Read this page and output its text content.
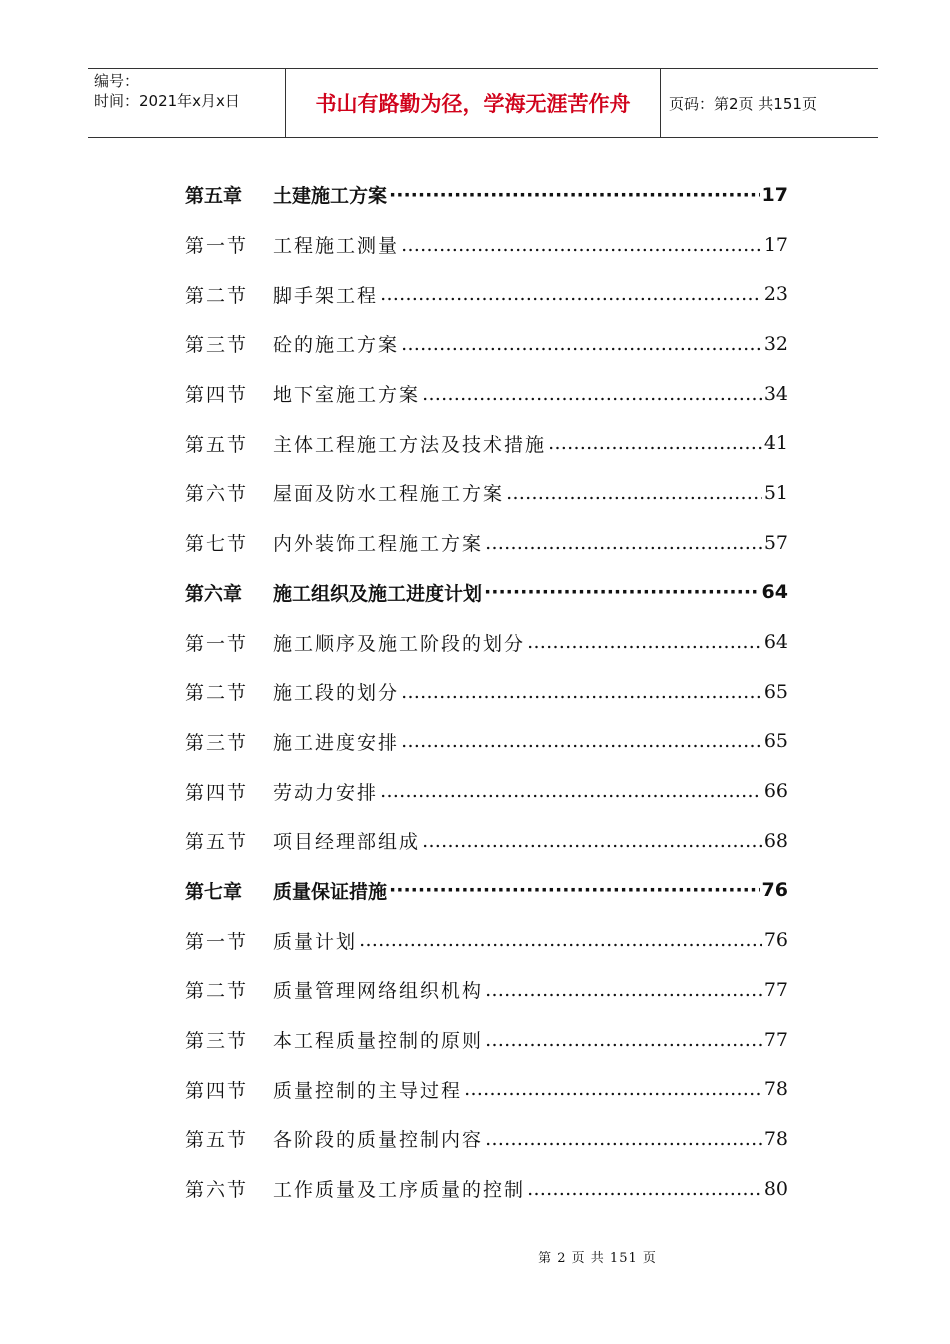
编号：
时间：2021年x月x日	书山有路勤为径，学海无涯苦作舟	页码：第2页 共151页
第五章	土建施工方案 ·····	17
第一节	工程施工测量 ………………………………………………………………………………………………………………	17
第二节	脚手架工程 ………………………………………………………………………………………………………………	23
第三节	砼的施工方案 ………………………………………………………………………………………………………………	32
第四节	地下室施工方案 ………………………………………………………………………………………………………………	34
第五节	主体工程施工方法及技术措施 ………………………………………………………………………………………………………………	41
第六节	屋面及防水工程施工方案 ………………………………………………………………………………………………………………	51
第七节	内外装饰工程施工方案 ………………………………………………………………………………………………………………	57
第六章	施工组织及施工进度计划 ·····	64
第一节	施工顺序及施工阶段的划分 ………………………………………………………………………………………………………………	64
第二节	施工段的划分 ………………………………………………………………………………………………………………	65
第三节	施工进度安排 ………………………………………………………………………………………………………………	65
第四节	劳动力安排 ………………………………………………………………………………………………………………	66
第五节	项目经理部组成 ………………………………………………………………………………………………………………	68
第七章	质量保证措施 ·····	76
第一节	质量计划 ………………………………………………………………………………………………………………	76
第二节	质量管理网络组织机构 ………………………………………………………………………………………………………………	77
第三节	本工程质量控制的原则 ………………………………………………………………………………………………………………	77
第四节	质量控制的主导过程 ………………………………………………………………………………………………………………	78
第五节	各阶段的质量控制内容 ………………………………………………………………………………………………………………	78
第六节	工作质量及工序质量的控制 ………………………………………………………………………………………………………………	80
第 2 页 共 151 页
